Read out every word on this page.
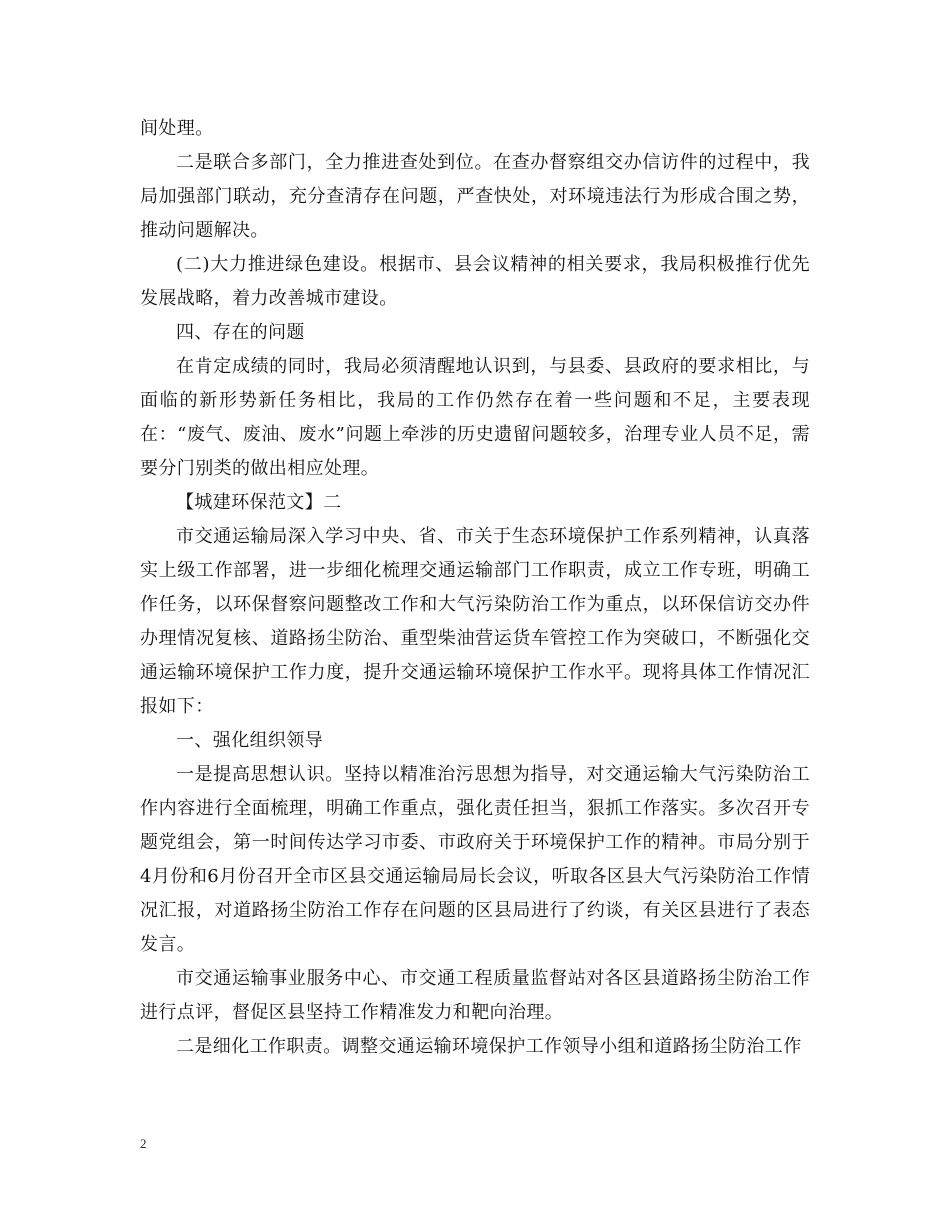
间处理。

二是联合多部门，全力推进查处到位。在查办督察组交办信访件的过程中，我局加强部门联动，充分查清存在问题，严查快处，对环境违法行为形成合围之势，推动问题解决。

(二)大力推进绿色建设。根据市、县会议精神的相关要求，我局积极推行优先发展战略，着力改善城市建设。

四、存在的问题

在肯定成绩的同时，我局必须清醒地认识到，与县委、县政府的要求相比，与面临的新形势新任务相比，我局的工作仍然存在着一些问题和不足，主要表现在：“废气、废油、废水”问题上牵涉的历史遗留问题较多，治理专业人员不足，需要分门别类的做出相应处理。

【城建环保范文】二

市交通运输局深入学习中央、省、市关于生态环境保护工作系列精神，认真落实上级工作部署，进一步细化梳理交通运输部门工作职责，成立工作专班，明确工作任务，以环保督察问题整改工作和大气污染防治工作为重点，以环保信访交办件办理情况复核、道路扬尘防治、重型柴油营运货车管控工作为突破口，不断强化交通运输环境保护工作力度，提升交通运输环境保护工作水平。现将具体工作情况汇报如下：

一、强化组织领导

一是提高思想认识。坚持以精准治污思想为指导，对交通运输大气污染防治工作内容进行全面梳理，明确工作重点，强化责任担当，狠抓工作落实。多次召开专题党组会，第一时间传达学习市委、市政府关于环境保护工作的精神。市局分别于4月份和6月份召开全市区县交通运输局局长会议，听取各区县大气污染防治工作情况汇报，对道路扬尘防治工作存在问题的区县局进行了约谈，有关区县进行了表态发言。

市交通运输事业服务中心、市交通工程质量监督站对各区县道路扬尘防治工作进行点评，督促区县坚持工作精准发力和靶向治理。

二是细化工作职责。调整交通运输环境保护工作领导小组和道路扬尘防治工作

2
